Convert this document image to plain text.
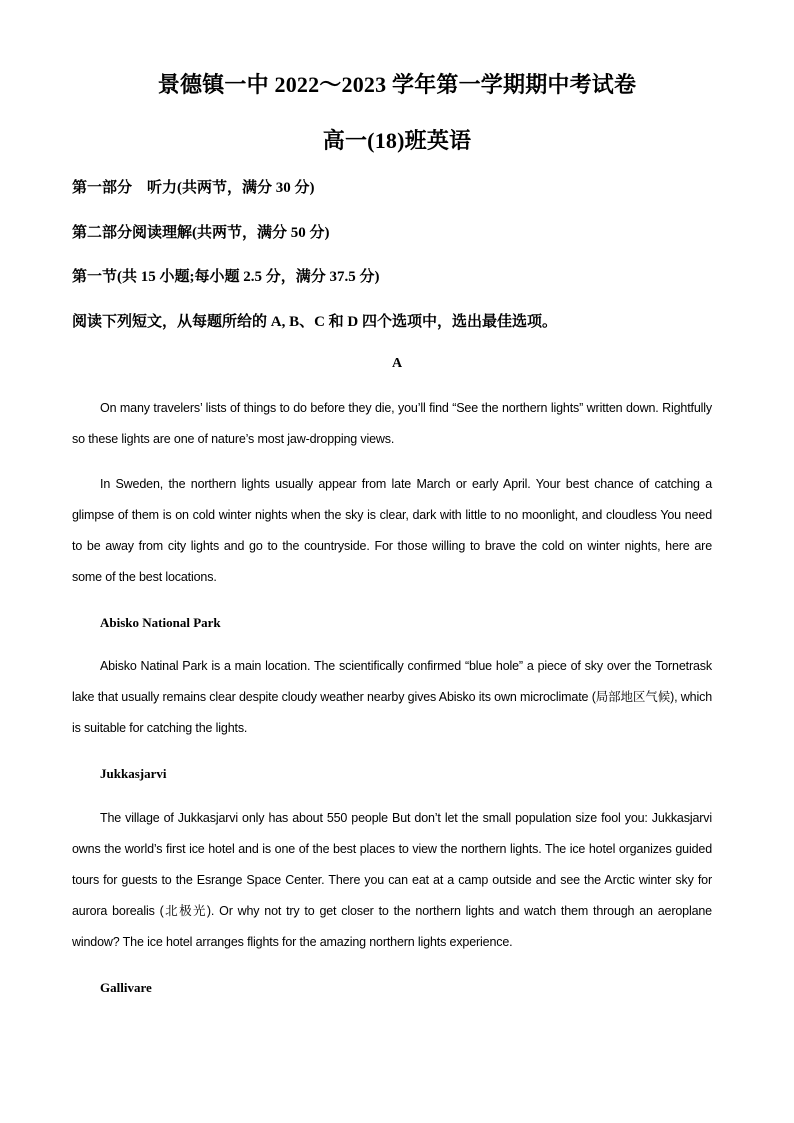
景德镇一中 2022～2023 学年第一学期期中考试卷
高一(18)班英语
第一部分　听力(共两节，满分 30 分)
第二部分阅读理解(共两节，满分 50 分)
第一节(共 15 小题;每小题 2.5 分，满分 37.5 分)
阅读下列短文，从每题所给的 A, B、C 和 D 四个选项中，选出最佳选项。
A
On many travelers’ lists of things to do before they die, you’ll find “See the northern lights” written down. Rightfully so these lights are one of nature’s most jaw-dropping views.
In Sweden, the northern lights usually appear from late March or early April. Your best chance of catching a glimpse of them is on cold winter nights when the sky is clear, dark with little to no moonlight, and cloudless You need to be away from city lights and go to the countryside. For those willing to brave the cold on winter nights, here are some of the best locations.
Abisko National Park
Abisko Natinal Park is a main location. The scientifically confirmed “blue hole” a piece of sky over the Tornetrask lake that usually remains clear despite cloudy weather nearby gives Abisko its own microclimate (局部地区气候), which is suitable for catching the lights.
Jukkasjarvi
The village of Jukkasjarvi only has about 550 people But don’t let the small population size fool you: Jukkasjarvi owns the world’s first ice hotel and is one of the best places to view the northern lights. The ice hotel organizes guided tours for guests to the Esrange Space Center. There you can eat at a camp outside and see the Arctic winter sky for aurora borealis (北极光). Or why not try to get closer to the northern lights and watch them through an aeroplane window? The ice hotel arranges flights for the amazing northern lights experience.
Gallivare
